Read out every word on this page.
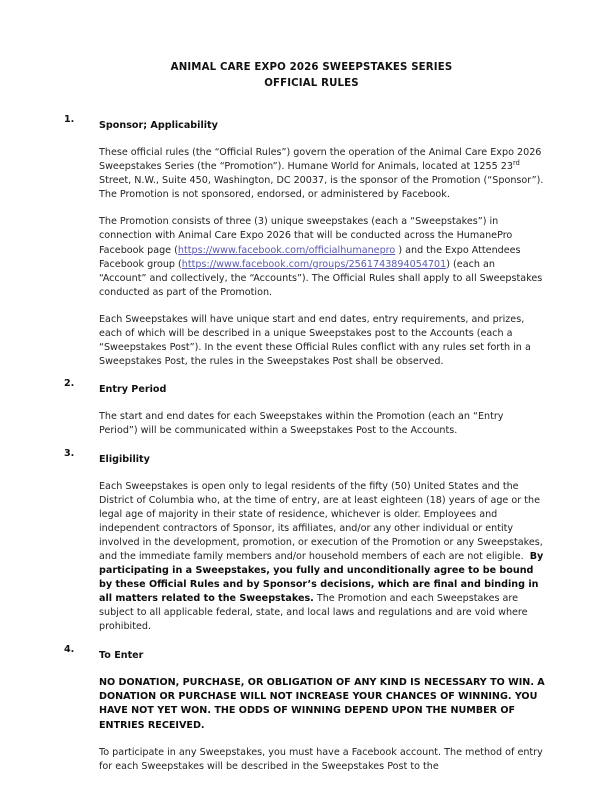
ANIMAL CARE EXPO 2026 SWEEPSTAKES SERIES
OFFICIAL RULES
1.
Sponsor; Applicability

These official rules (the “Official Rules”) govern the operation of the Animal Care Expo 2026 Sweepstakes Series (the “Promotion”). Humane World for Animals, located at 1255 23rd Street, N.W., Suite 450, Washington, DC 20037, is the sponsor of the Promotion (“Sponsor”). The Promotion is not sponsored, endorsed, or administered by Facebook.

The Promotion consists of three (3) unique sweepstakes (each a “Sweepstakes”) in connection with Animal Care Expo 2026 that will be conducted across the HumanePro Facebook page (https://www.facebook.com/officialhumanepro ) and the Expo Attendees Facebook group (https://www.facebook.com/groups/2561743894054701) (each an “Account” and collectively, the “Accounts”). The Official Rules shall apply to all Sweepstakes conducted as part of the Promotion.

Each Sweepstakes will have unique start and end dates, entry requirements, and prizes, each of which will be described in a unique Sweepstakes post to the Accounts (each a “Sweepstakes Post”). In the event these Official Rules conflict with any rules set forth in a Sweepstakes Post, the rules in the Sweepstakes Post shall be observed.

2.
Entry Period

The start and end dates for each Sweepstakes within the Promotion (each an “Entry Period”) will be communicated within a Sweepstakes Post to the Accounts.

3.
Eligibility

Each Sweepstakes is open only to legal residents of the fifty (50) United States and the District of Columbia who, at the time of entry, are at least eighteen (18) years of age or the legal age of majority in their state of residence, whichever is older. Employees and independent contractors of Sponsor, its affiliates, and/or any other individual or entity involved in the development, promotion, or execution of the Promotion or any Sweepstakes, and the immediate family members and/or household members of each are not eligible.  By participating in a Sweepstakes, you fully and unconditionally agree to be bound by these Official Rules and by Sponsor’s decisions, which are final and binding in all matters related to the Sweepstakes. The Promotion and each Sweepstakes are subject to all applicable federal, state, and local laws and regulations and are void where prohibited.

4.
To Enter

NO DONATION, PURCHASE, OR OBLIGATION OF ANY KIND IS NECESSARY TO WIN. A DONATION OR PURCHASE WILL NOT INCREASE YOUR CHANCES OF WINNING. YOU HAVE NOT YET WON. THE ODDS OF WINNING DEPEND UPON THE NUMBER OF ENTRIES RECEIVED.

To participate in any Sweepstakes, you must have a Facebook account. The method of entry for each Sweepstakes will be described in the Sweepstakes Post to the
